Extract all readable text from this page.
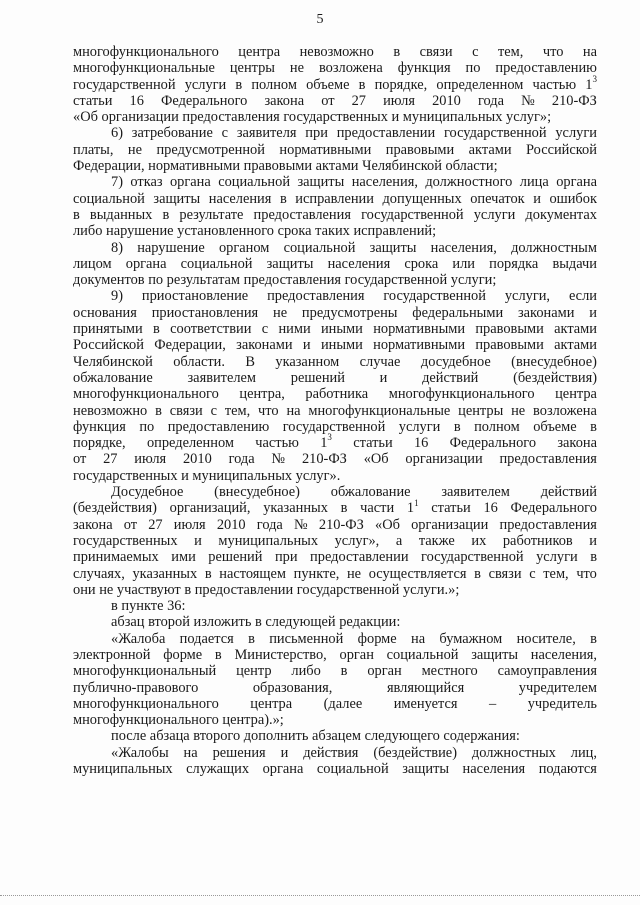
5
многофункционального центра невозможно в связи с тем, что на
многофункциональные центры не возложена функция по предоставлению
государственной услуги в полном объеме в порядке, определенном частью $1^3$
статьи 16 Федерального закона от 27 июля 2010 года № 210-ФЗ
«Об организации предоставления государственных и муниципальных услуг»;
6) затребование с заявителя при предоставлении государственной услуги
платы, не предусмотренной нормативными правовыми актами Российской
Федерации, нормативными правовыми актами Челябинской области;
7) отказ органа социальной защиты населения, должностного лица органа
социальной защиты населения в исправлении допущенных опечаток и ошибок
в выданных в результате предоставления государственной услуги документах
либо нарушение установленного срока таких исправлений;
8) нарушение органом социальной защиты населения, должностным
лицом органа социальной защиты населения срока или порядка выдачи
документов по результатам предоставления государственной услуги;
9) приостановление предоставления государственной услуги, если
основания приостановления не предусмотрены федеральными законами и
принятыми в соответствии с ними иными нормативными правовыми актами
Российской Федерации, законами и иными нормативными правовыми актами
Челябинской области. В указанном случае досудебное (внесудебное)
обжалование заявителем решений и действий (бездействия)
многофункционального центра, работника многофункционального центра
невозможно в связи с тем, что на многофункциональные центры не возложена
функция по предоставлению государственной услуги в полном объеме в
порядке, определенном частью $1^3$ статьи 16 Федерального закона
от 27 июля 2010 года № 210-ФЗ «Об организации предоставления
государственных и муниципальных услуг».
Досудебное (внесудебное) обжалование заявителем действий
(бездействия) организаций, указанных в части $1^1$ статьи 16 Федерального
закона от 27 июля 2010 года № 210-ФЗ «Об организации предоставления
государственных и муниципальных услуг», а также их работников и
принимаемых ими решений при предоставлении государственной услуги в
случаях, указанных в настоящем пункте, не осуществляется в связи с тем, что
они не участвуют в предоставлении государственной услуги.»;
в пункте 36:
абзац второй изложить в следующей редакции:
«Жалоба подается в письменной форме на бумажном носителе, в
электронной форме в Министерство, орган социальной защиты населения,
многофункциональный центр либо в орган местного самоуправления
публично-правового	образования,	являющийся	учредителем
многофункционального центра (далее именуется – учредитель
многофункционального центра).»;
после абзаца второго дополнить абзацем следующего содержания:
«Жалобы на решения и действия (бездействие) должностных лиц,
муниципальных служащих органа социальной защиты населения подаются
